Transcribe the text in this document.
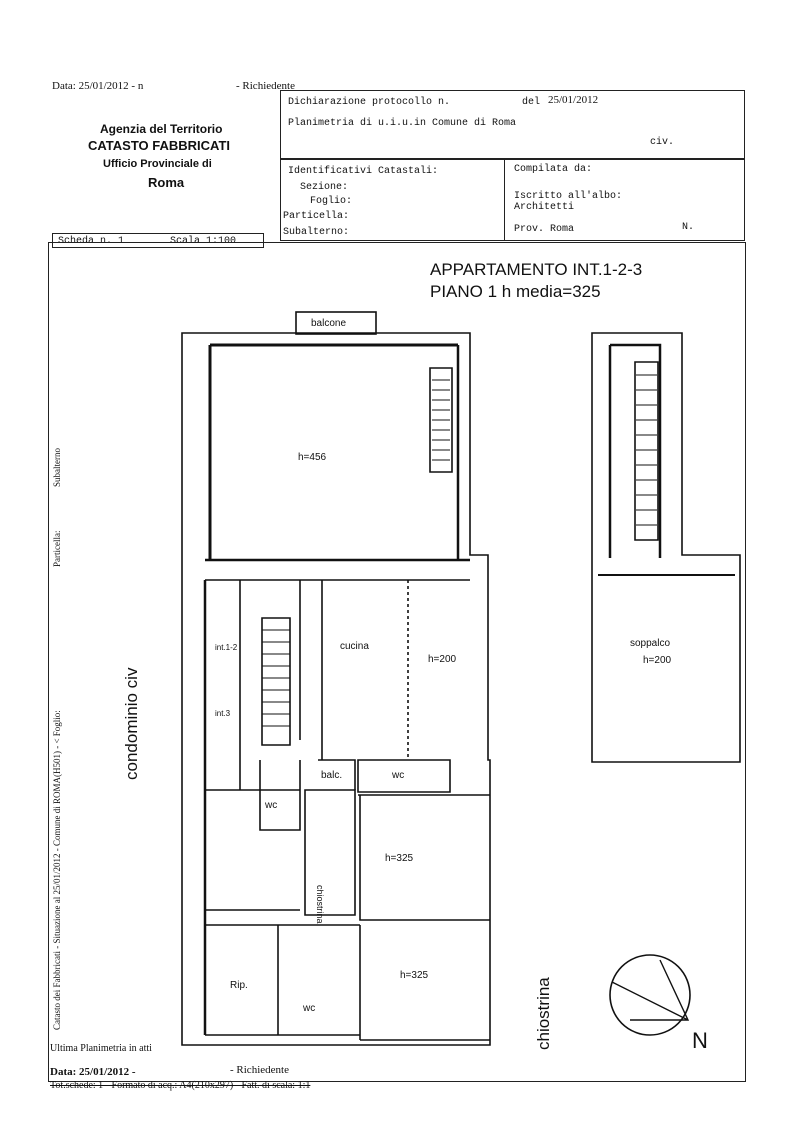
Data: 25/01/2012 - n	- Richiedente
Agenzia del Territorio
CATASTO FABBRICATI
Ufficio Provinciale di
Roma
Dichiarazione protocollo n.	del 25/01/2012
Planimetria di u.i.u.in Comune di Roma
civ.
Identificativi Catastali:
Sezione:
Foglio:
Particella:
Subalterno:
Compilata da:
Iscritto all'albo:
Architetti
Prov. Roma	N.
Scheda n. 1	Scala 1:100
Catasto dei Fabbricati - Situazione al 25/01/2012 - Comune di ROMA(H501) - < Foglio:
Particella:
Subalterno
APPARTAMENTO INT.1-2-3
PIANO 1 h media=325
balcone
h=456
int.1-2
int.3
cucina
h=200
soppalco
h=200
balc.	wc
wc
chiostrina
h=325
h=325
Rip.
wc
condominio civ
chiostrina	N
Ultima Planimetria in atti
Data: 25/01/2012 -	- Richiedente
Tot.schede: 1 - Formato di acq.: A4(210x297) - Fatt. di scala: 1:1
